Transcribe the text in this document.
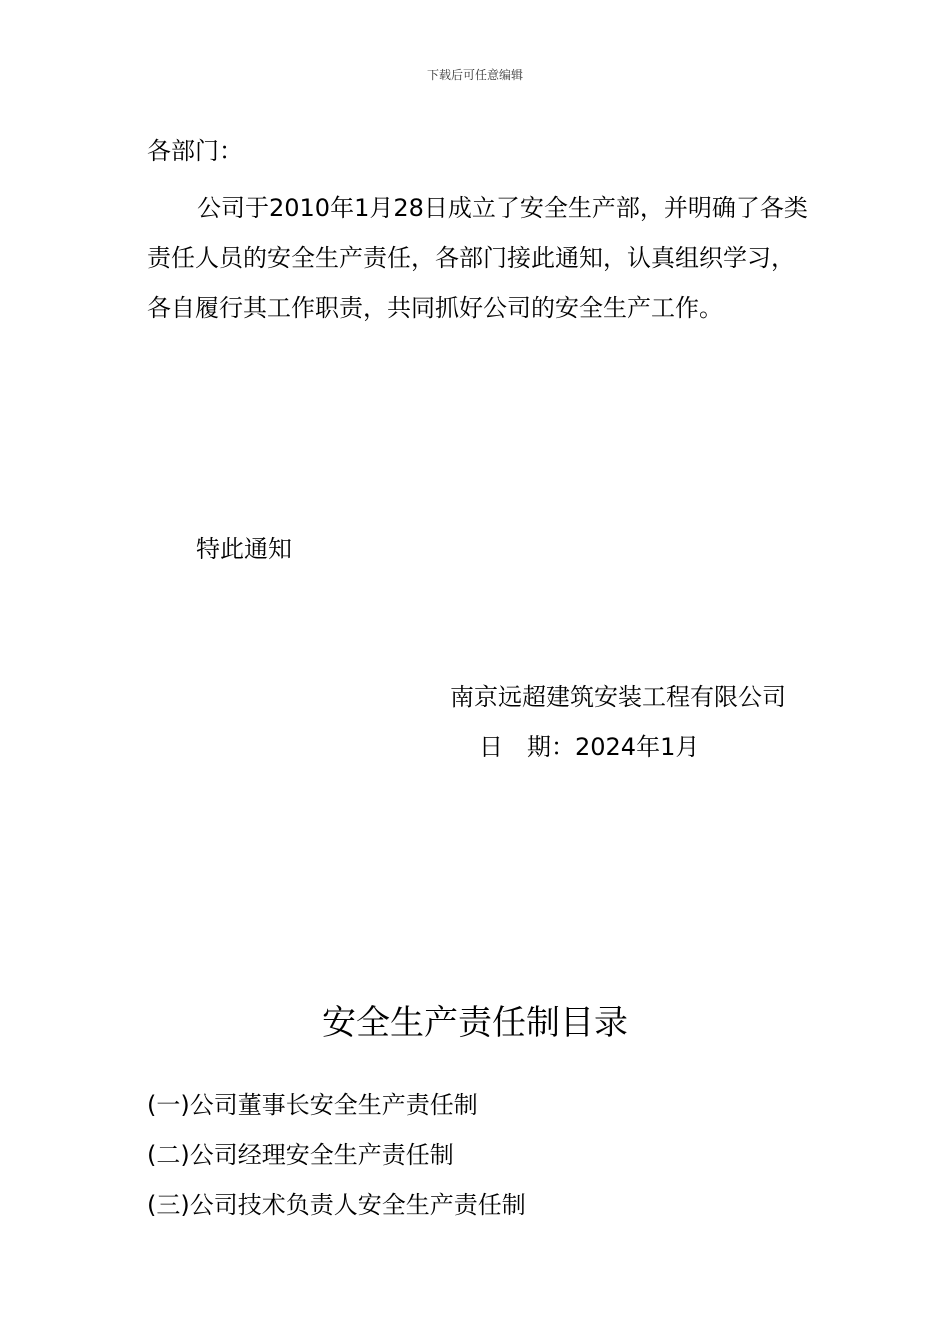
下载后可任意编辑
各部门：
公司于2010年1月28日成立了安全生产部，并明确了各类责任人员的安全生产责任，各部门接此通知，认真组织学习，各自履行其工作职责，共同抓好公司的安全生产工作。
特此通知
南京远超建筑安装工程有限公司
日 期：2024年1月
安全生产责任制目录
(一)公司董事长安全生产责任制
(二)公司经理安全生产责任制
(三)公司技术负责人安全生产责任制
